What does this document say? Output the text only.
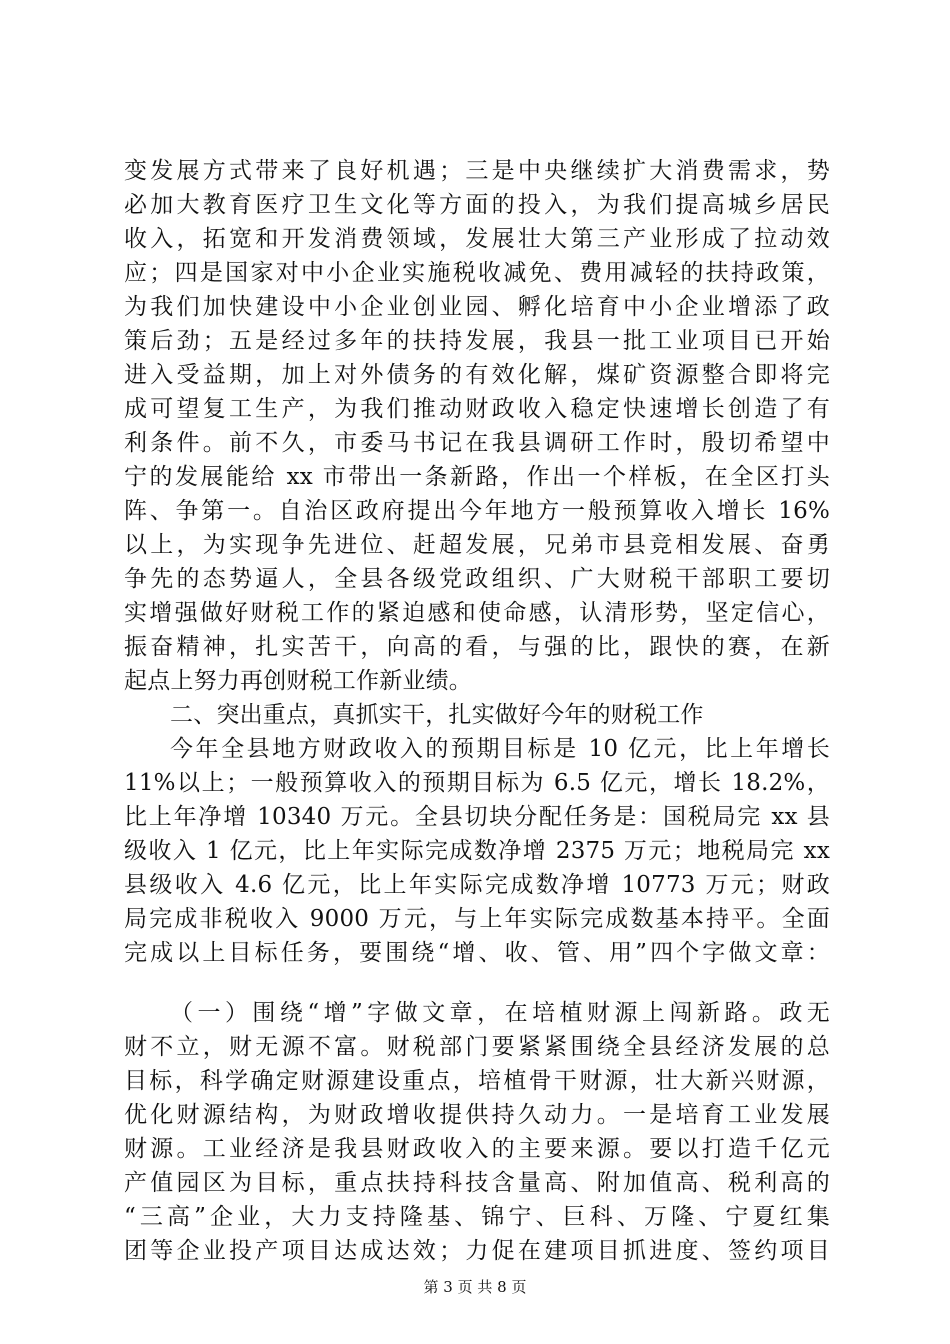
变发展方式带来了良好机遇；三是中央继续扩大消费需求，势
必加大教育医疗卫生文化等方面的投入，为我们提高城乡居民
收入，拓宽和开发消费领域，发展壮大第三产业形成了拉动效
应；四是国家对中小企业实施税收减免、费用减轻的扶持政策，
为我们加快建设中小企业创业园、孵化培育中小企业增添了政
策后劲；五是经过多年的扶持发展，我县一批工业项目已开始
进入受益期，加上对外债务的有效化解，煤矿资源整合即将完
成可望复工生产，为我们推动财政收入稳定快速增长创造了有
利条件。前不久，市委马书记在我县调研工作时，殷切希望中
宁的发展能给 xx 市带出一条新路，作出一个样板，在全区打头
阵、争第一。自治区政府提出今年地方一般预算收入增长 16%
以上，为实现争先进位、赶超发展，兄弟市县竞相发展、奋勇
争先的态势逼人，全县各级党政组织、广大财税干部职工要切
实增强做好财税工作的紧迫感和使命感，认清形势，坚定信心，
振奋精神，扎实苦干，向高的看，与强的比，跟快的赛，在新
起点上努力再创财税工作新业绩。
二、突出重点，真抓实干，扎实做好今年的财税工作
今年全县地方财政收入的预期目标是 10 亿元，比上年增长
11%以上；一般预算收入的预期目标为 6.5 亿元，增长 18.2%，
比上年净增 10340 万元。全县切块分配任务是：国税局完 xx 县
级收入 1 亿元，比上年实际完成数净增 2375 万元；地税局完 xx
县级收入 4.6 亿元，比上年实际完成数净增 10773 万元；财政
局完成非税收入 9000 万元，与上年实际完成数基本持平。全面
完成以上目标任务，要围绕“增、收、管、用”四个字做文章：
（一）围绕“增”字做文章，在培植财源上闯新路。政无
财不立，财无源不富。财税部门要紧紧围绕全县经济发展的总
目标，科学确定财源建设重点，培植骨干财源，壮大新兴财源，
优化财源结构，为财政增收提供持久动力。一是培育工业发展
财源。工业经济是我县财政收入的主要来源。要以打造千亿元
产值园区为目标，重点扶持科技含量高、附加值高、税利高的
“三高”企业，大力支持隆基、锦宁、巨科、万隆、宁夏红集
团等企业投产项目达成达效；力促在建项目抓进度、签约项目
第 3 页 共 8 页
